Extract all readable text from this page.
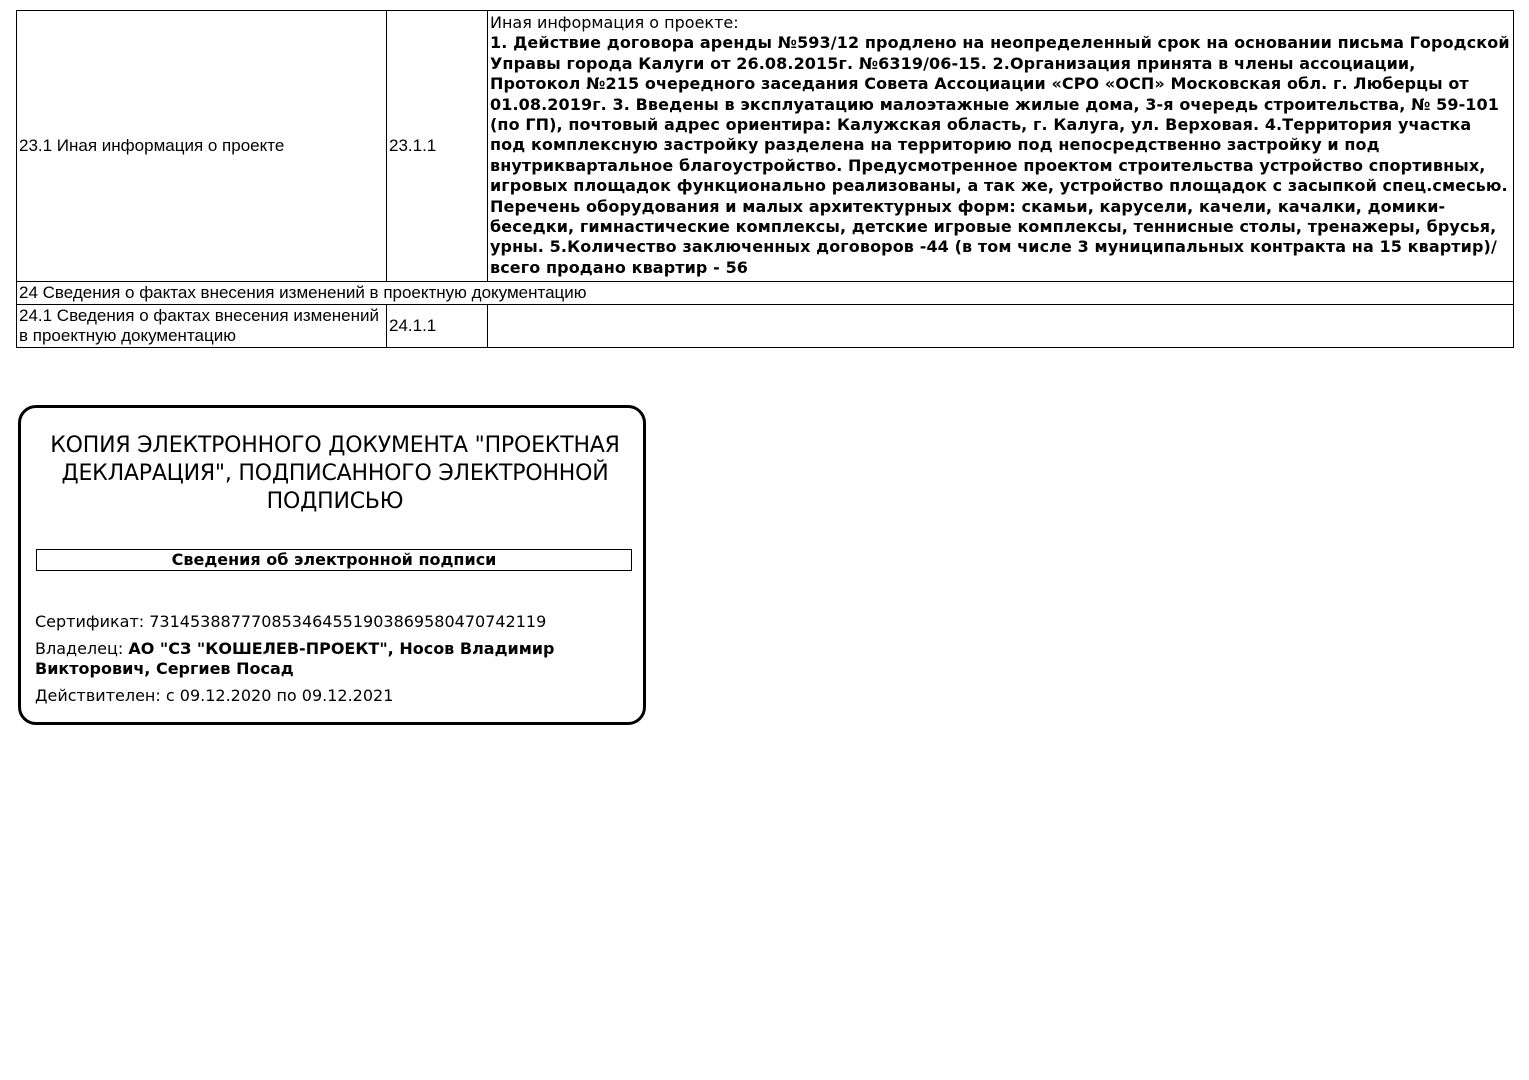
23.1 Иная информация о проекте	23.1.1	Иная информация о проекте:
1. Действие договора аренды №593/12 продлено на неопределенный срок на основании письма Городской Управы города Калуги от 26.08.2015г. №6319/06-15. 2.Организация принята в члены ассоциации, Протокол №215 очередного заседания Совета Ассоциации «СРО «ОСП» Московская обл. г. Люберцы от 01.08.2019г. 3. Введены в эксплуатацию малоэтажные жилые дома, 3-я очередь строительства, № 59-101 (по ГП), почтовый адрес ориентира: Калужская область, г. Калуга, ул. Верховая. 4.Территория участка под комплексную застройку разделена на территорию под непосредственно застройку и под внутриквартальное благоустройство. Предусмотренное проектом строительства устройство спортивных, игровых площадок функционально реализованы, а так же, устройство площадок с засыпкой спец.смесью. Перечень оборудования и малых архитектурных форм: скамьи, карусели, качели, качалки, домики-беседки, гимнастические комплексы, детские игровые комплексы, теннисные столы, тренажеры, брусья, урны. 5.Количество заключенных договоров -44 (в том числе 3 муниципальных контракта на 15 квартир)/всего продано квартир - 56
24 Сведения о фактах внесения изменений в проектную документацию		
24.1 Сведения о фактах внесения изменений в проектную документацию	24.1.1	
КОПИЯ ЭЛЕКТРОННОГО ДОКУМЕНТА "ПРОЕКТНАЯ ДЕКЛАРАЦИЯ", ПОДПИСАННОГО ЭЛЕКТРОННОЙ ПОДПИСЬЮ
Сведения об электронной подписи
Сертификат: 731453887770853464551903869580470742119
Владелец: АО "СЗ "КОШЕЛЕВ-ПРОЕКТ", Носов Владимир Викторович, Сергиев Посад
Действителен: с 09.12.2020 по 09.12.2021
